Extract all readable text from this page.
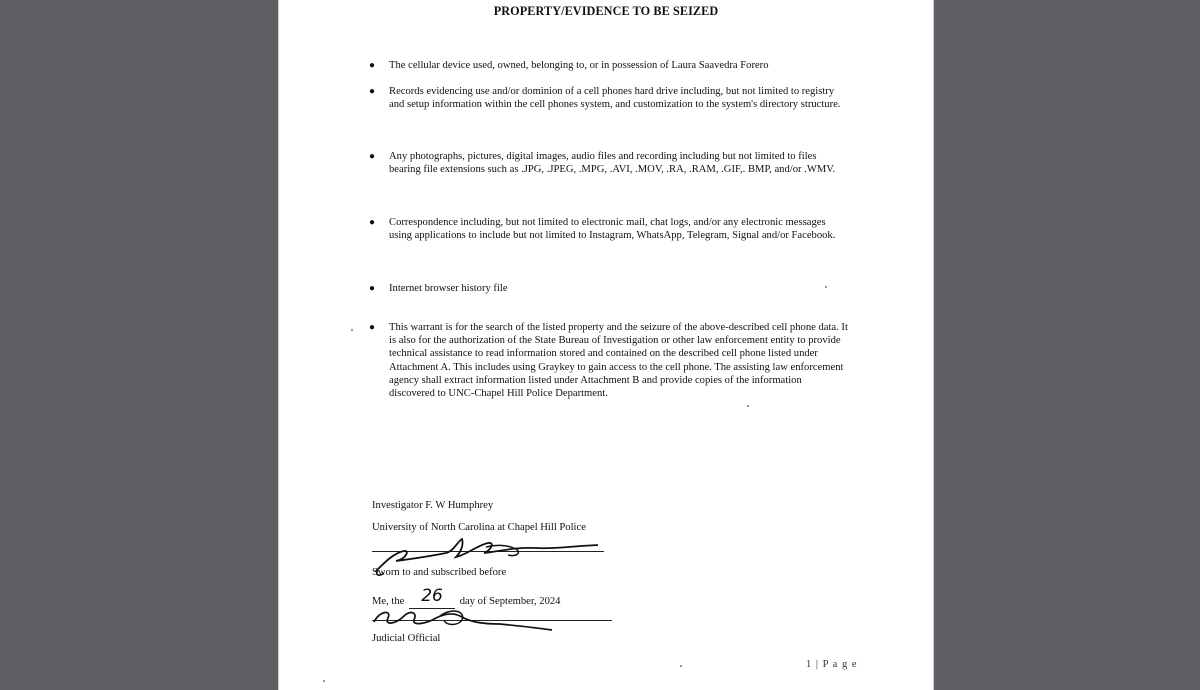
PROPERTY/EVIDENCE TO BE SEIZED
● The cellular device used, owned, belonging to, or in possession of Laura Saavedra Forero
● Records evidencing use and/or dominion of a cell phones hard drive including, but not limited to registry and setup information within the cell phones system, and customization to the system's directory structure.
● Any photographs, pictures, digital images, audio files and recording including but not limited to files bearing file extensions such as .JPG, .JPEG, .MPG, .AVI, .MOV, .RA, .RAM, .GIF,. BMP, and/or .WMV.
● Correspondence including, but not limited to electronic mail, chat logs, and/or any electronic messages using applications to include but not limited to Instagram, WhatsApp, Telegram, Signal and/or Facebook.
● Internet browser history file
● This warrant is for the search of the listed property and the seizure of the above-described cell phone data. It is also for the authorization of the State Bureau of Investigation or other law enforcement entity to provide technical assistance to read information stored and contained on the described cell phone listed under Attachment A. This includes using Graykey to gain access to the cell phone. The assisting law enforcement agency shall extract information listed under Attachment B and provide copies of the information discovered to UNC-Chapel Hill Police Department.
Investigator F. W Humphrey
University of North Carolina at Chapel Hill Police
Sworn to and subscribed before
Me, the 26 day of September, 2024
Judicial Official
1 | P a g e
